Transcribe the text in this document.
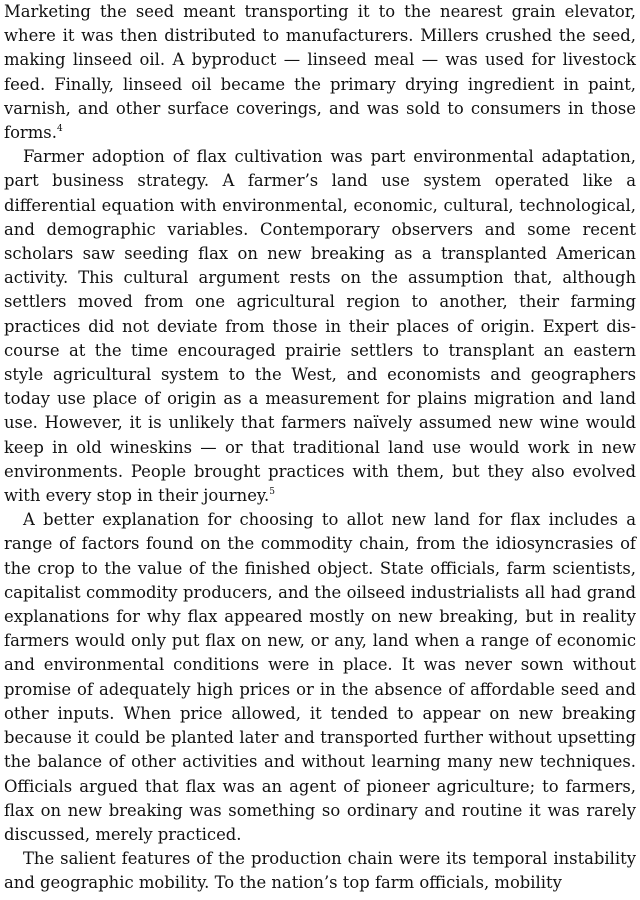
Marketing the seed meant transporting it to the nearest grain elevator, where it was then distributed to manufacturers. Millers crushed the seed, making linseed oil. A byproduct — linseed meal — was used for livestock feed. Finally, linseed oil became the primary drying ingredient in paint, varnish, and other surface coverings, and was sold to consumers in those forms.$^4$

Farmer adoption of flax cultivation was part environmental adaptation, part business strategy. A farmer’s land use system operated like a differential equation with environmental, economic, cultural, technological, and demographic variables. Contemporary observers and some recent scholars saw seeding flax on new breaking as a transplanted American activity. This cultural argument rests on the assumption that, although settlers moved from one agricultural region to another, their farming practices did not deviate from those in their places of origin. Expert discourse at the time encouraged prairie settlers to transplant an eastern style agricultural system to the West, and economists and geographers today use place of origin as a measurement for plains migration and land use. However, it is unlikely that farmers naïvely assumed new wine would keep in old wineskins — or that traditional land use would work in new environments. People brought practices with them, but they also evolved with every stop in their journey.$^5$

A better explanation for choosing to allot new land for flax includes a range of factors found on the commodity chain, from the idiosyncrasies of the crop to the value of the finished object. State officials, farm scientists, capitalist commodity producers, and the oilseed industrialists all had grand explanations for why flax appeared mostly on new breaking, but in reality farmers would only put flax on new, or any, land when a range of economic and environmental conditions were in place. It was never sown without promise of adequately high prices or in the absence of affordable seed and other inputs. When price allowed, it tended to appear on new breaking because it could be planted later and transported further without upsetting the balance of other activities and without learning many new techniques. Officials argued that flax was an agent of pioneer agriculture; to farmers, flax on new breaking was something so ordinary and routine it was rarely discussed, merely practiced.

The salient features of the production chain were its temporal instability and geographic mobility. To the nation’s top farm officials, mobility
